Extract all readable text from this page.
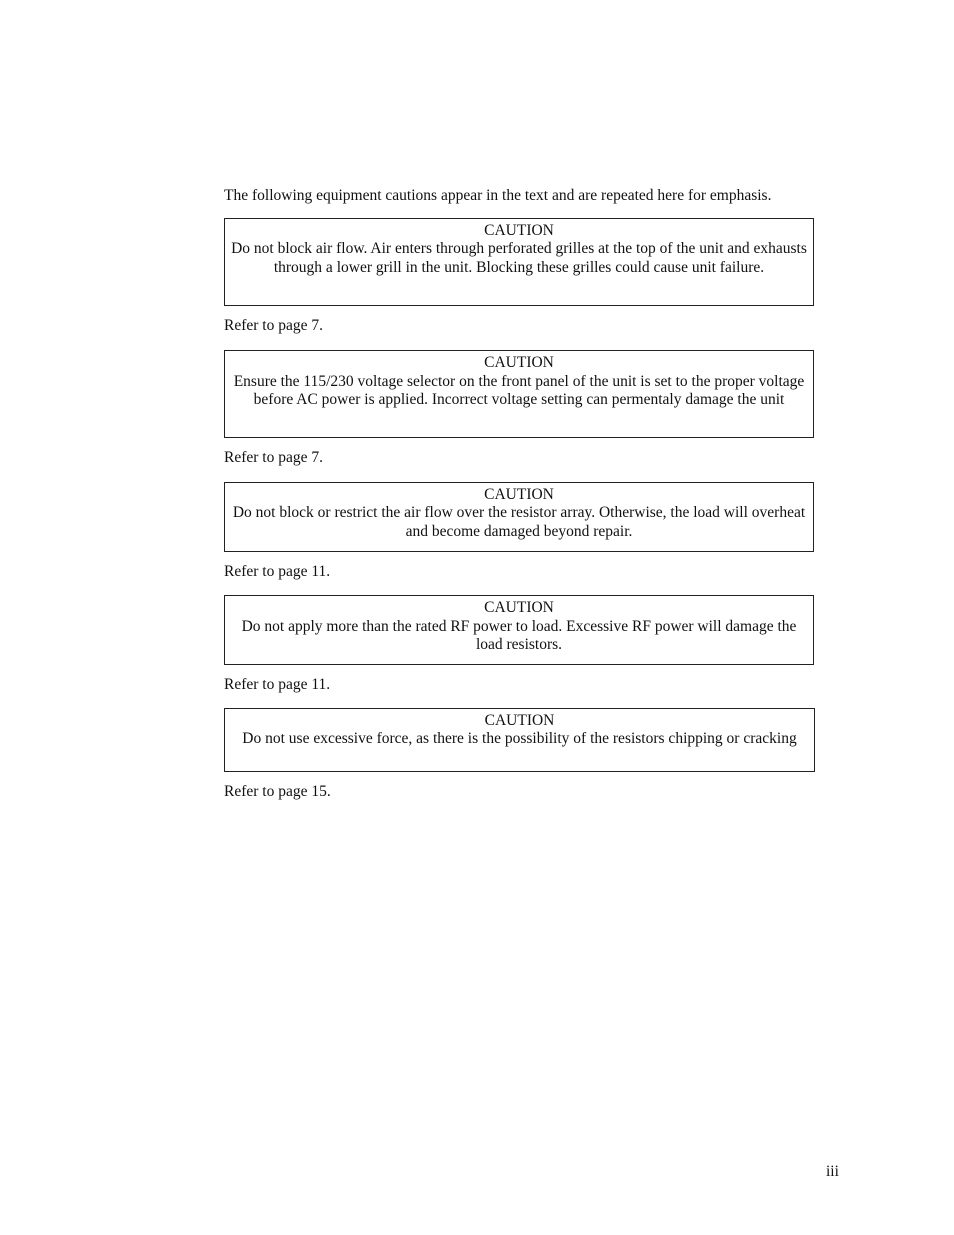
The following equipment cautions appear in the text and are repeated here for emphasis.

CAUTION
Do not block air flow. Air enters through perforated grilles at the top of the unit and exhausts through a lower grill in the unit. Blocking these grilles could cause unit failure.

Refer to page 7.

CAUTION
Ensure the 115/230 voltage selector on the front panel of the unit is set to the proper voltage before AC power is applied. Incorrect voltage setting can permentaly damage the unit

Refer to page 7.

CAUTION
Do not block or restrict the air flow over the resistor array. Otherwise, the load will overheat and become damaged beyond repair.

Refer to page 11.

CAUTION
Do not apply more than the rated RF power to load. Excessive RF power will damage the load resistors.

Refer to page 11.

CAUTION
Do not use excessive force, as there is the possibility of the resistors chipping or cracking

Refer to page 15.

iii
